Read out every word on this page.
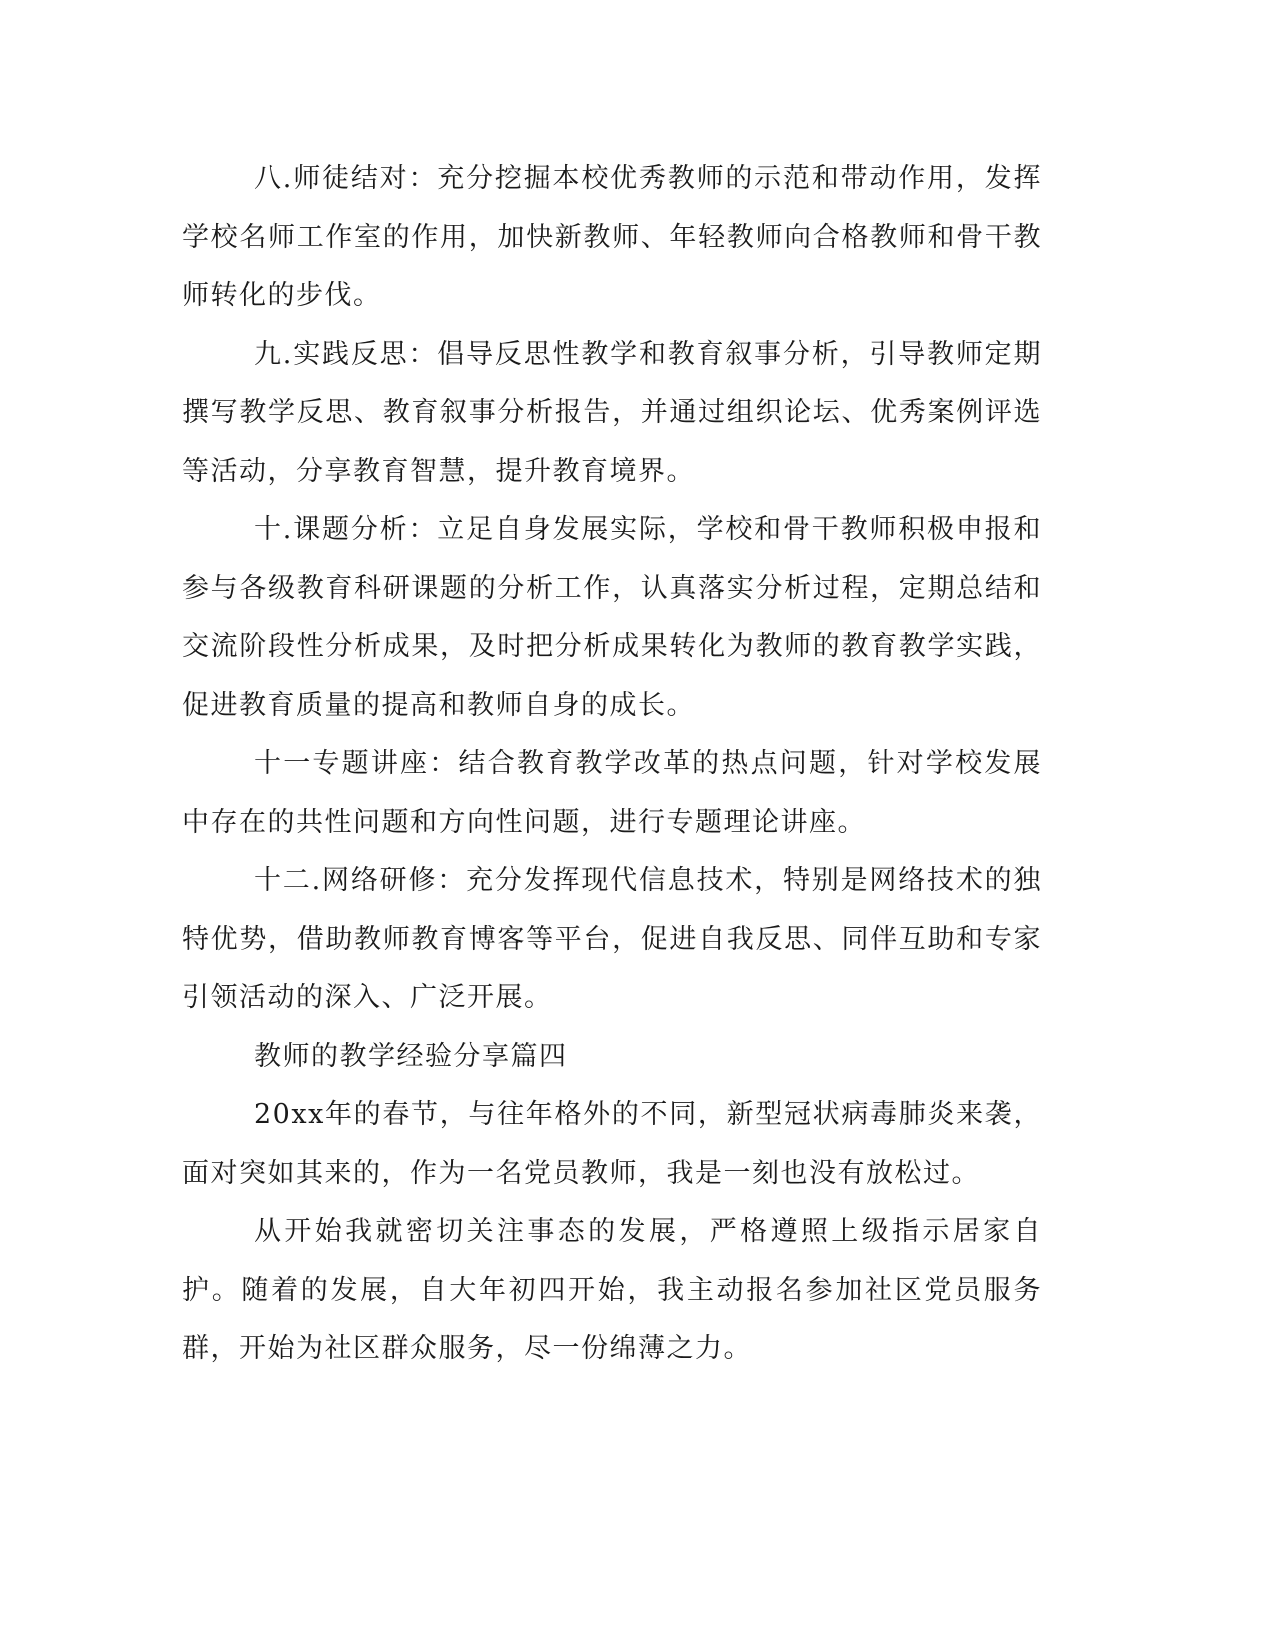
八.师徒结对：充分挖掘本校优秀教师的示范和带动作用，发挥学校名师工作室的作用，加快新教师、年轻教师向合格教师和骨干教师转化的步伐。

九.实践反思：倡导反思性教学和教育叙事分析，引导教师定期撰写教学反思、教育叙事分析报告，并通过组织论坛、优秀案例评选等活动，分享教育智慧，提升教育境界。

十.课题分析：立足自身发展实际，学校和骨干教师积极申报和参与各级教育科研课题的分析工作，认真落实分析过程，定期总结和交流阶段性分析成果，及时把分析成果转化为教师的教育教学实践，促进教育质量的提高和教师自身的成长。

十一专题讲座：结合教育教学改革的热点问题，针对学校发展中存在的共性问题和方向性问题，进行专题理论讲座。

十二.网络研修：充分发挥现代信息技术，特别是网络技术的独特优势，借助教师教育博客等平台，促进自我反思、同伴互助和专家引领活动的深入、广泛开展。

教师的教学经验分享篇四

20xx年的春节，与往年格外的不同，新型冠状病毒肺炎来袭，面对突如其来的，作为一名党员教师，我是一刻也没有放松过。

从开始我就密切关注事态的发展，严格遵照上级指示居家自护。随着的发展，自大年初四开始，我主动报名参加社区党员服务群，开始为社区群众服务，尽一份绵薄之力。
